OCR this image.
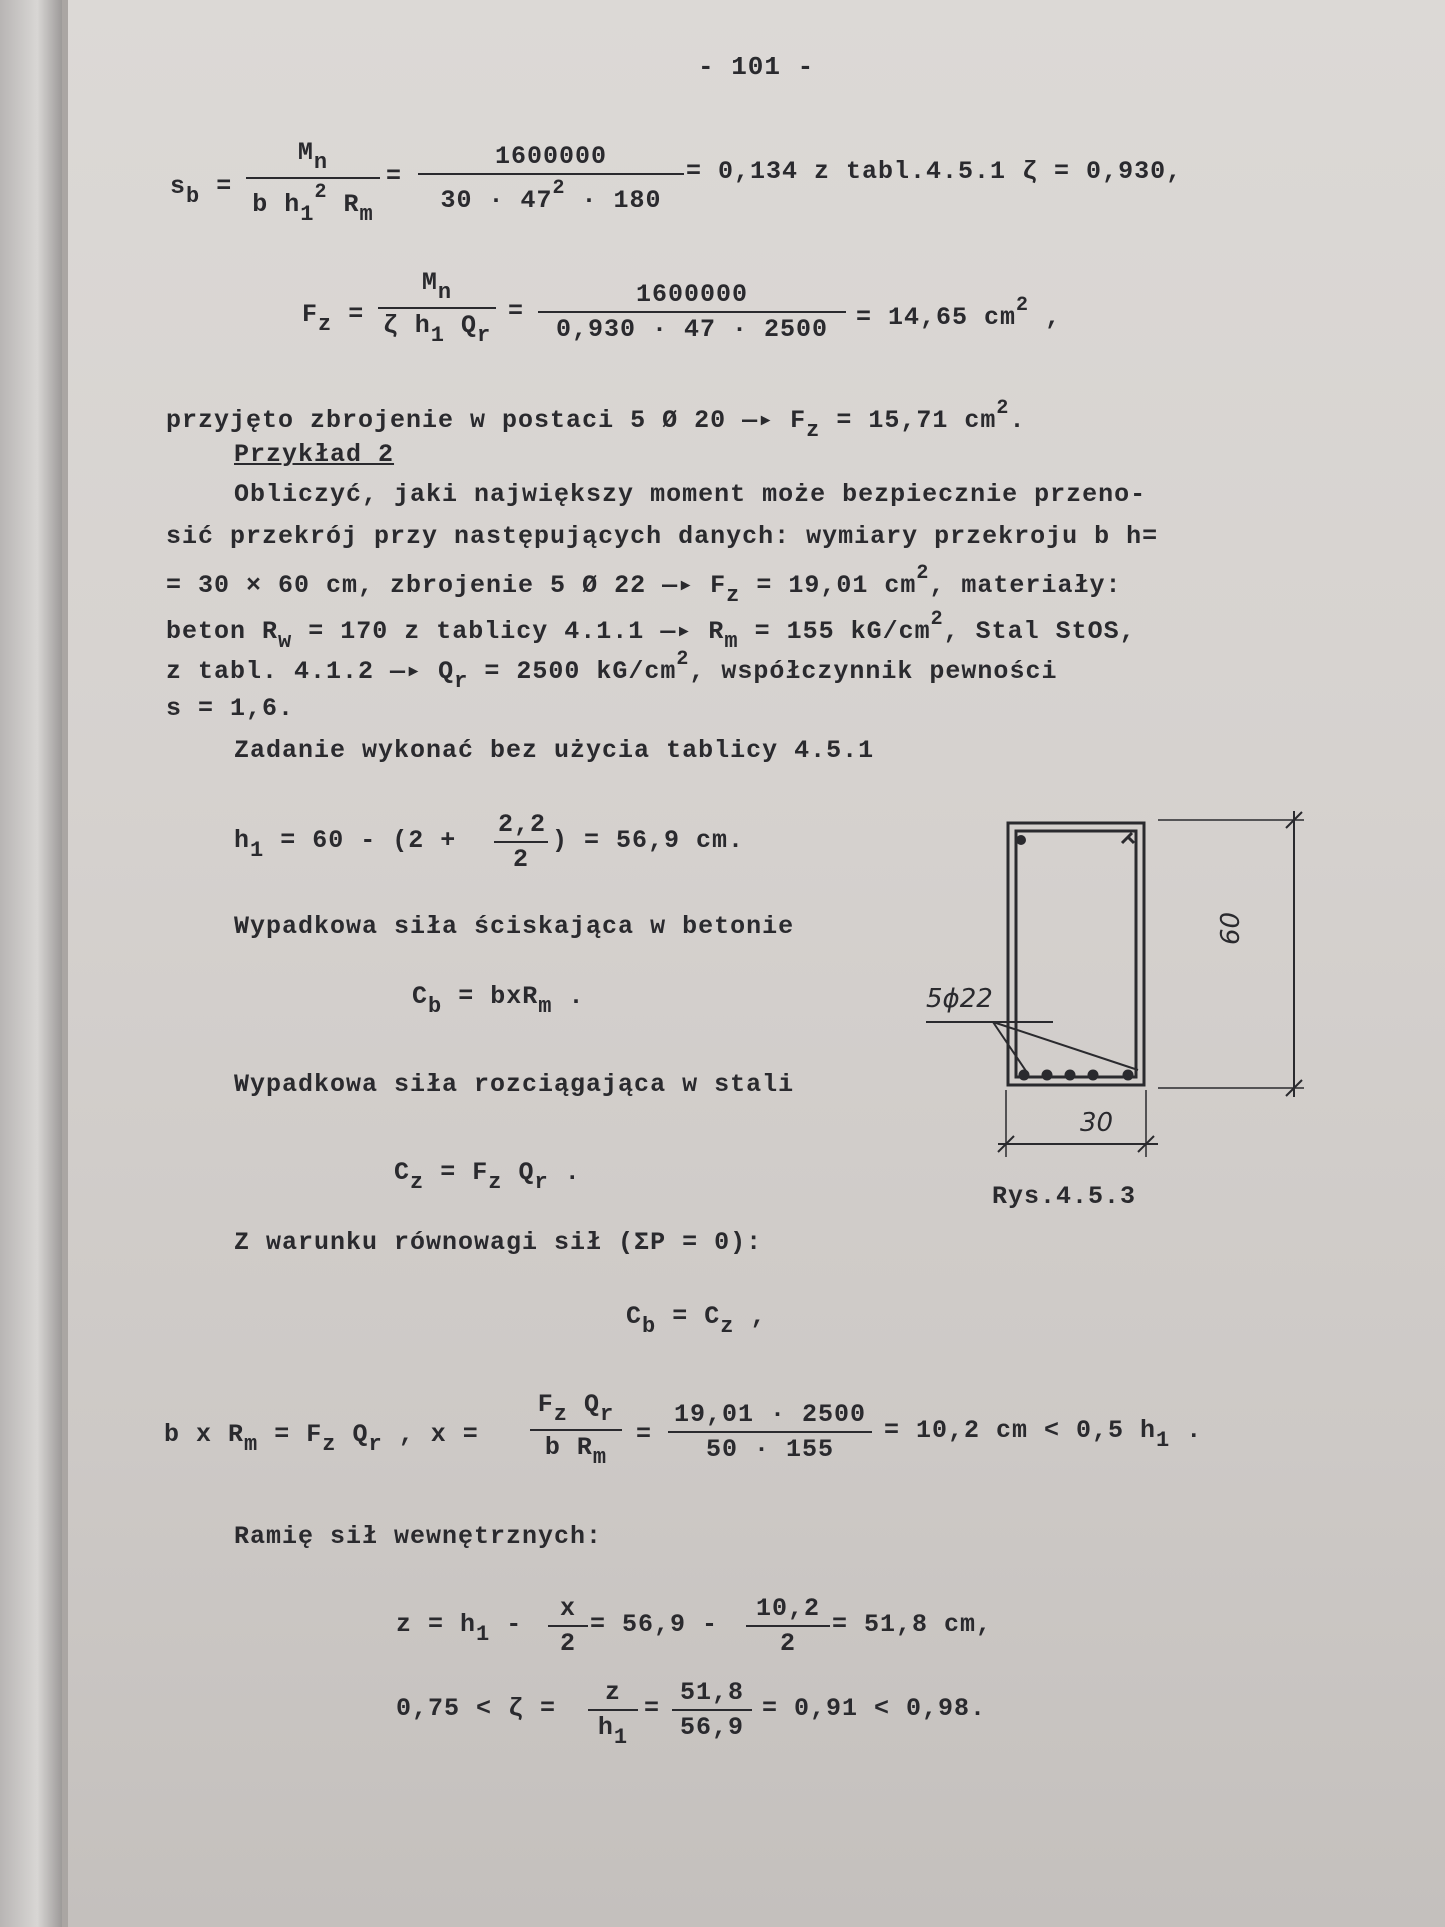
- 101 -
$s_b = \frac{M_n}{b h_1^2 R_m} = \frac{1600000}{30 \cdot 47^2 \cdot 180} = 0,134$ z tabl.4.5.1 ζ = 0,930,
$F_z = \frac{M_n}{\zeta h_1 Q_r} = \frac{1600000}{0,930 \cdot 47 \cdot 2500} = 14,65$ $cm^2$ ,
przyjęto zbrojenie w postaci 5 Ø 20 —▸ $F_z = 15,71$ $cm^2$.
Przykład 2
Obliczyć, jaki największy moment może bezpiecznie przeno-
sić przekrój przy następujących danych: wymiary przekroju b h=
= 30 × 60 cm, zbrojenie 5 Ø 22 —▸ $F_z = 19,01$ $cm^2$, materiały:
beton $R_w = 170$ z tablicy 4.1.1 —▸ $R_m = 155$ $kG/cm^2$, Stal StOS,
z tabl. 4.1.2 —▸ $Q_r = 2500$ $kG/cm^2$, współczynnik pewności
s = 1,6.
Zadanie wykonać bez użycia tablicy 4.5.1
$h_1 = 60 - (2 + \frac{2,2}{2}$ ) = 56,9 cm.
Wypadkowa siła ściskająca w betonie
$C_b = bxR_m$ .
Wypadkowa siła rozciągająca w stali
$C_z = F_z$ $Q_r$ .
Z warunku równowagi sił (ΣP = 0):
$C_b = C_z$ ,
b x $R_m = F_z$ $Q_r$ , $x = \frac{F_z Q_r}{b R_m} = \frac{19,01 \cdot 2500}{50 \cdot 155} = 10,2$ cm < 0,5 $h_1$ .
Ramię sił wewnętrznych:
$z = h_1 - \frac{x}{2} = 56,9 - \frac{10,2}{2} = 51,8$ cm,
$0,75 < \zeta = \frac{z}{h_1} = \frac{51,8}{56,9} = 0,91 < 0,98$.
5ϕ22
60
30
Rys.4.5.3
